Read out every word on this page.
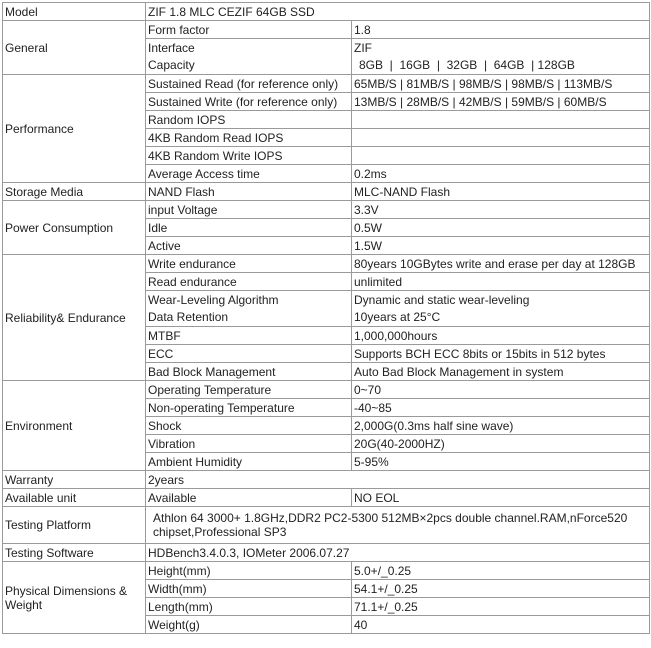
Model	ZIF 1.8 MLC CEZIF 64GB SSD	
General	Form factor	1.8
	Interface	ZIF
	Capacity	8GB  |  16GB  |  32GB  |  64GB  | 128GB
Performance	Sustained Read (for reference only)	65MB/S | 81MB/S | 98MB/S | 98MB/S | 113MB/S
	Sustained Write (for reference only)	13MB/S | 28MB/S | 42MB/S | 59MB/S | 60MB/S
	Random IOPS	
	4KB Random Read IOPS	
	4KB Random Write IOPS	
	Average Access time	0.2ms
Storage Media	NAND Flash	MLC-NAND Flash
Power Consumption	input Voltage	3.3V
	Idle	0.5W
	Active	1.5W
Reliability& Endurance	Write endurance	80years 10GBytes write and erase per day at 128GB
	Read endurance	unlimited
	Wear-Leveling Algorithm	Dynamic and static wear-leveling
	Data Retention	10years at 25°C
	MTBF	1,000,000hours
	ECC	Supports BCH ECC 8bits or 15bits in 512 bytes
	Bad Block Management	Auto Bad Block Management in system
Environment	Operating Temperature	0~70
	Non-operating Temperature	-40~85
	Shock	2,000G(0.3ms half sine wave)
	Vibration	20G(40-2000HZ)
	Ambient Humidity	5-95%
Warranty	2years	
Available unit	Available	NO EOL
Testing Platform	Athlon 64 3000+ 1.8GHz,DDR2 PC2-5300 512MB×2pcs double channel.RAM,nForce520 chipset,Professional SP3	
Testing Software	HDBench3.4.0.3, IOMeter 2006.07.27	
Physical Dimensions & Weight	Height(mm)	5.0+/_0.25
	Width(mm)	54.1+/_0.25
	Length(mm)	71.1+/_0.25
	Weight(g)	40
